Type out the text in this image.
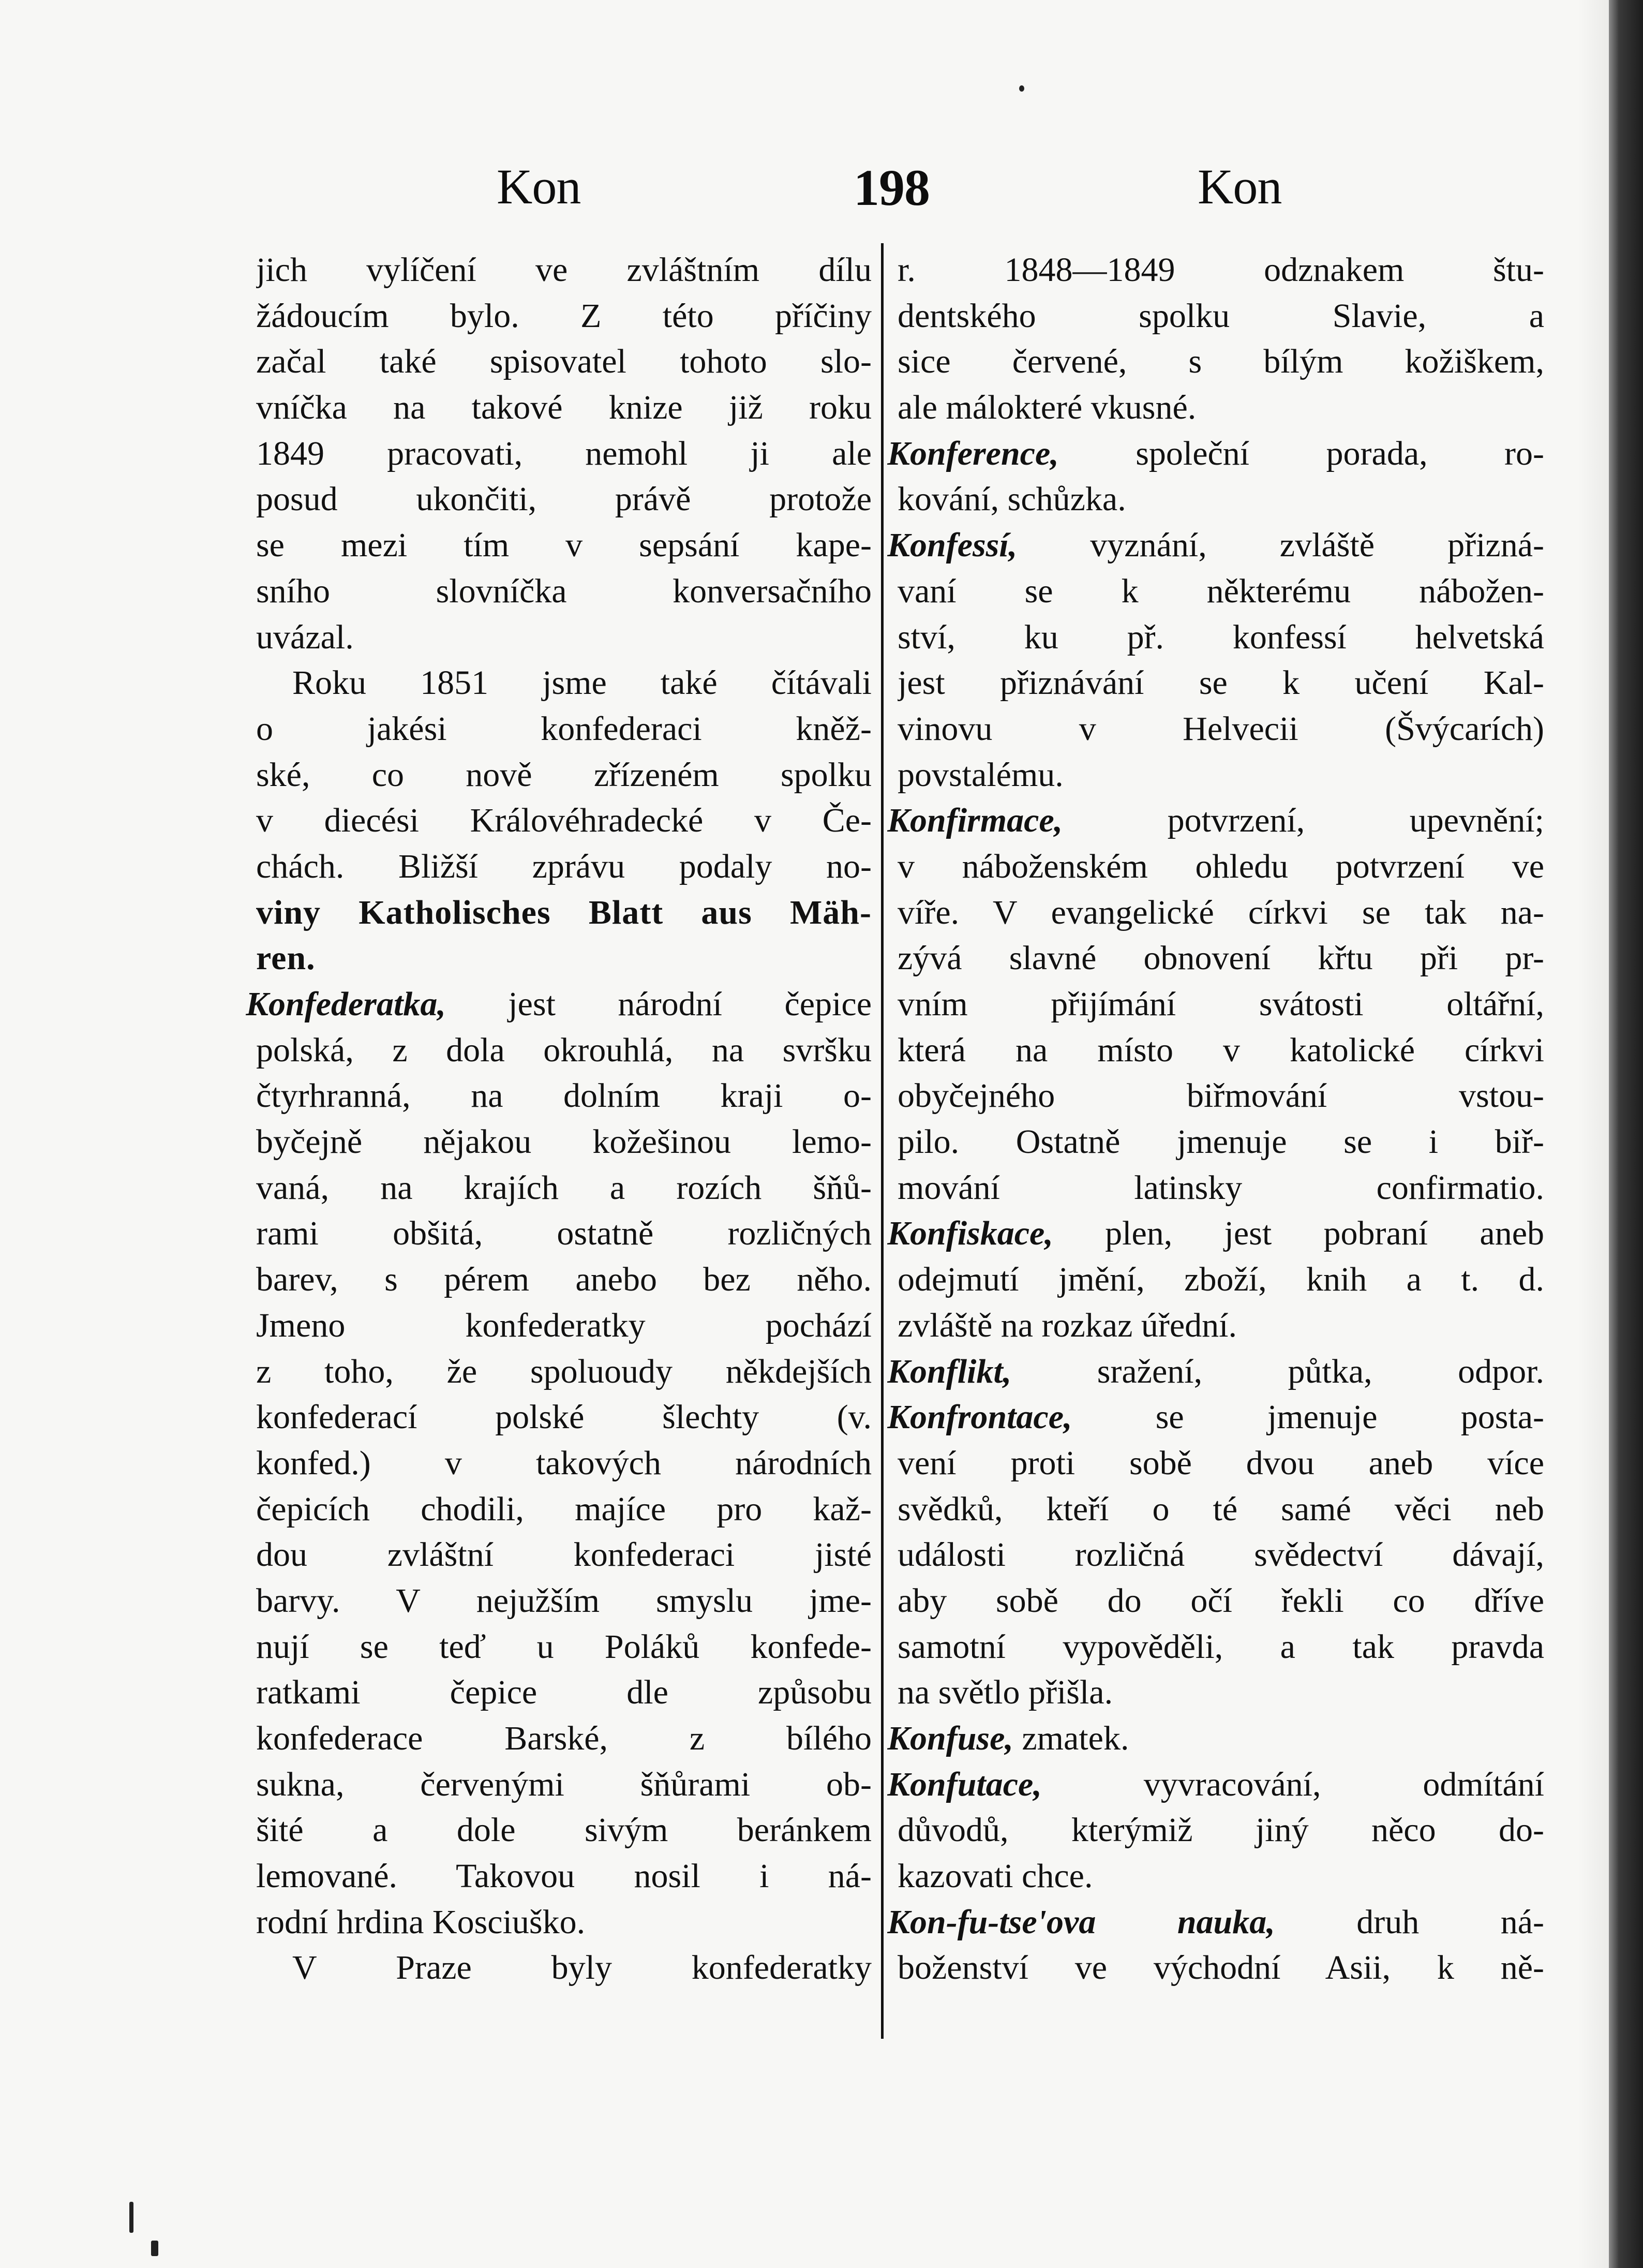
Kon	198	Kon
jich vylíčení ve zvláštním dílu
žádoucím bylo. Z této příčiny
začal také spisovatel tohoto slo-
vníčka na takové knize již roku
1849 pracovati, nemohl ji ale
posud ukončiti, právě protože
se mezi tím v sepsání kape-
sního slovníčka konversačního
uvázal.
Roku 1851 jsme také čítávali
o jakési konfederaci kněž-
ské, co nově zřízeném spolku
v diecési Královéhradecké v Če-
chách. Bližší zprávu podaly no-
viny Katholisches Blatt aus Mäh-
ren.
Konfederatka, jest národní čepice
polská, z dola okrouhlá, na svršku
čtyrhranná, na dolním kraji o-
byčejně nějakou kožešinou lemo-
vaná, na krajích a rozích šňů-
rami obšitá, ostatně rozličných
barev, s pérem anebo bez něho.
Jmeno konfederatky pochází
z toho, že spoluoudy někdejších
konfederací polské šlechty (v.
konfed.) v takových národních
čepicích chodili, majíce pro kaž-
dou zvláštní konfederaci jisté
barvy. V nejužším smyslu jme-
nují se teď u Poláků konfede-
ratkami čepice dle způsobu
konfederace Barské, z bílého
sukna, červenými šňůrami ob-
šité a dole sivým beránkem
lemované. Takovou nosil i ná-
rodní hrdina Kosciuško.
V Praze byly konfederatky
r. 1848—1849 odznakem štu-
dentského spolku Slavie, a
sice červené, s bílým kožiškem,
ale málokteré vkusné.
Konference, společní porada, ro-
kování, schůzka.
Konfessí, vyznání, zvláště přizná-
vaní se k některému nábožen-
ství, ku př. konfessí helvetská
jest přiznávání se k učení Kal-
vinovu v Helvecii (Švýcarích)
povstalému.
Konfirmace, potvrzení, upevnění;
v náboženském ohledu potvrzení ve
víře. V evangelické církvi se tak na-
zývá slavné obnovení křtu při pr-
vním přijímání svátosti oltářní,
která na místo v katolické církvi
obyčejného biřmování vstou-
pilo. Ostatně jmenuje se i biř-
mování latinsky confirmatio.
Konfiskace, plen, jest pobraní aneb
odejmutí jmění, zboží, knih a t. d.
zvláště na rozkaz úřední.
Konflikt, sražení, půtka, odpor.
Konfrontace, se jmenuje posta-
vení proti sobě dvou aneb více
svědků, kteří o té samé věci neb
události rozličná svědectví dávají,
aby sobě do očí řekli co dříve
samotní vypověděli, a tak pravda
na světlo přišla.
Konfuse, zmatek.
Konfutace, vyvracování, odmítání
důvodů, kterýmiž jiný něco do-
kazovati chce.
Kon-fu-tse'ova nauka, druh ná-
boženství ve východní Asii, k ně-
